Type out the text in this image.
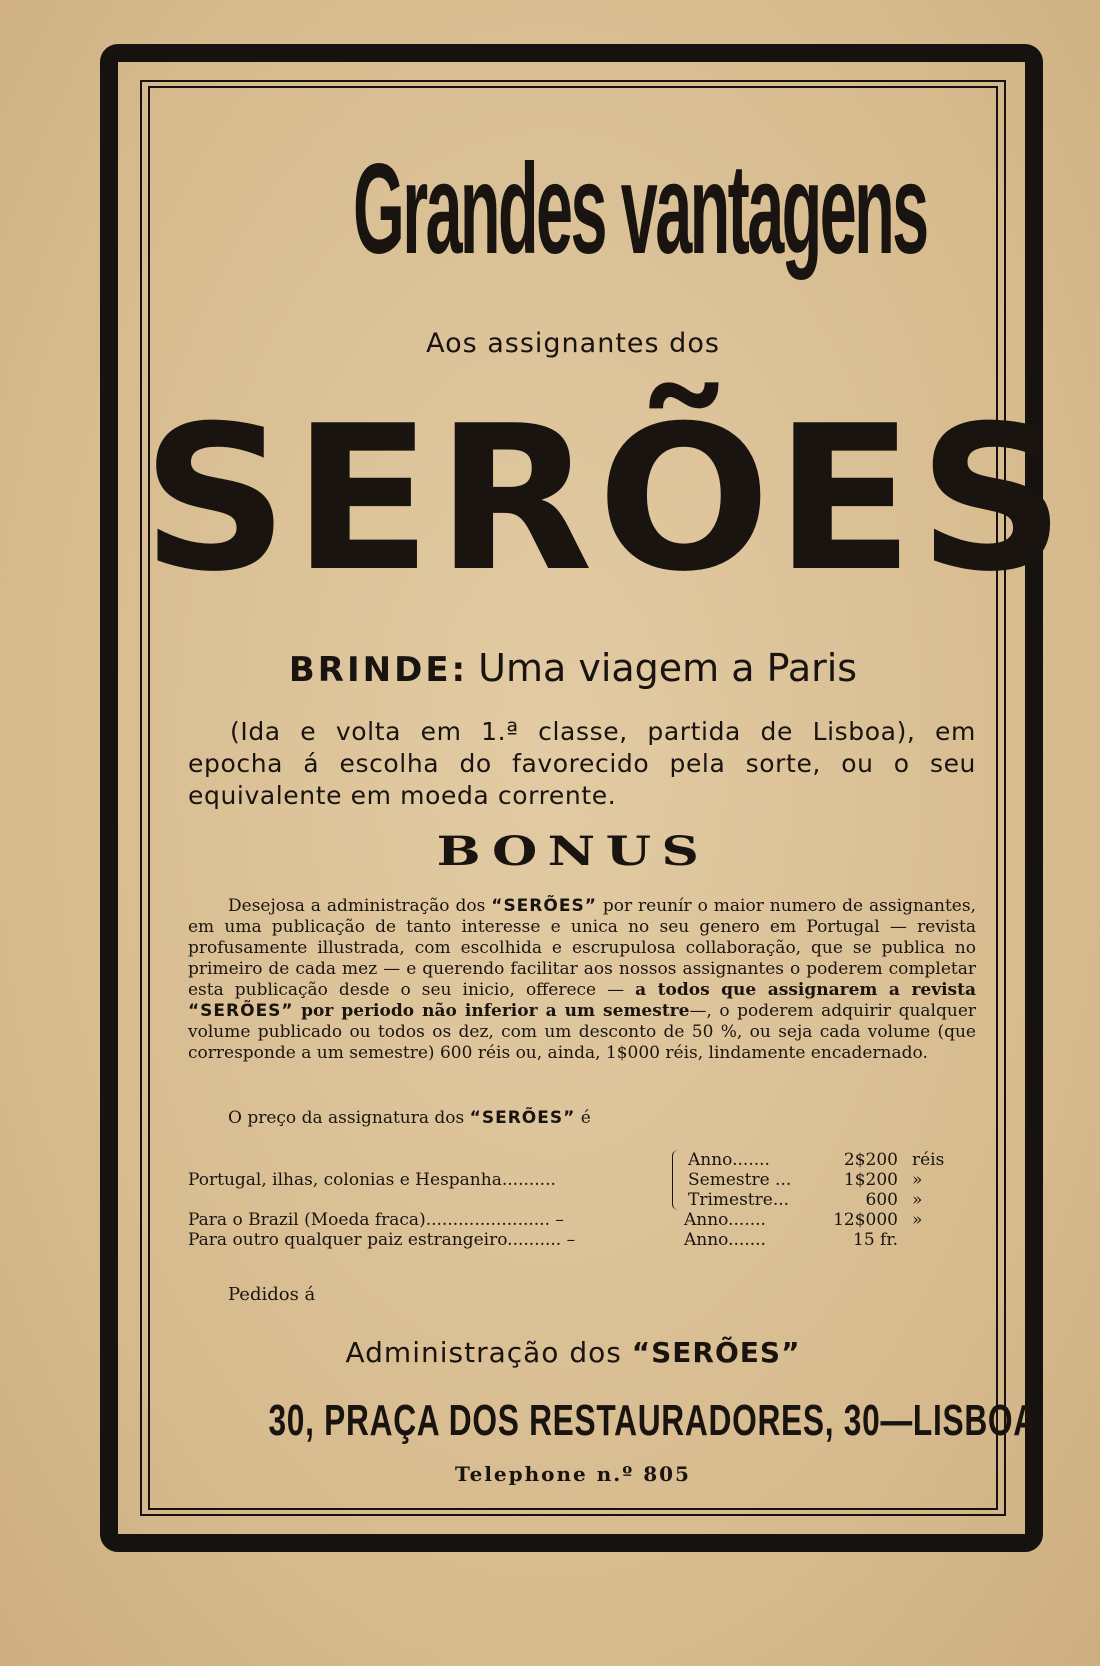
Grandes vantagens
Aos assignantes dos
SERÕES
BRINDE: Uma viagem a Paris
(Ida e volta em 1.ª classe, partida de Lisboa), em epocha á escolha do favorecido pela sorte, ou o seu equivalente em moeda corrente.
BONUS
Desejosa a administração dos “SERÕES” por reunír o maior numero de assignantes, em uma publicação de tanto interesse e unica no seu genero em Portugal — revista profusamente illustrada, com escolhida e escrupulosa collaboração, que se publica no primeiro de cada mez — e querendo facilitar aos nossos assignantes o poderem completar esta publicação desde o seu inicio, offerece — a todos que assignarem a revista “SERÕES” por periodo não inferior a um semestre—, o poderem adquirir qualquer volume publicado ou todos os dez, com um desconto de 50 %, ou seja cada volume (que corresponde a um semestre) 600 réis ou, ainda, 1$000 réis, lindamente encadernado.
O preço da assignatura dos “SERÕES” é
Portugal, ilhas, colonias e Hespanha..........
Anno.......	2$200 réis
Semestre ...	1$200 »
Trimestre...	600 »
Para o Brazil (Moeda fraca)....................... –	Anno.......	12$000 »
Para outro qualquer paiz estrangeiro.......... –	Anno.......	15 fr.
Pedidos á
Administração dos “SERÕES”
30, PRAÇA DOS RESTAURADORES, 30—LISBOA
Telephone n.º 805
